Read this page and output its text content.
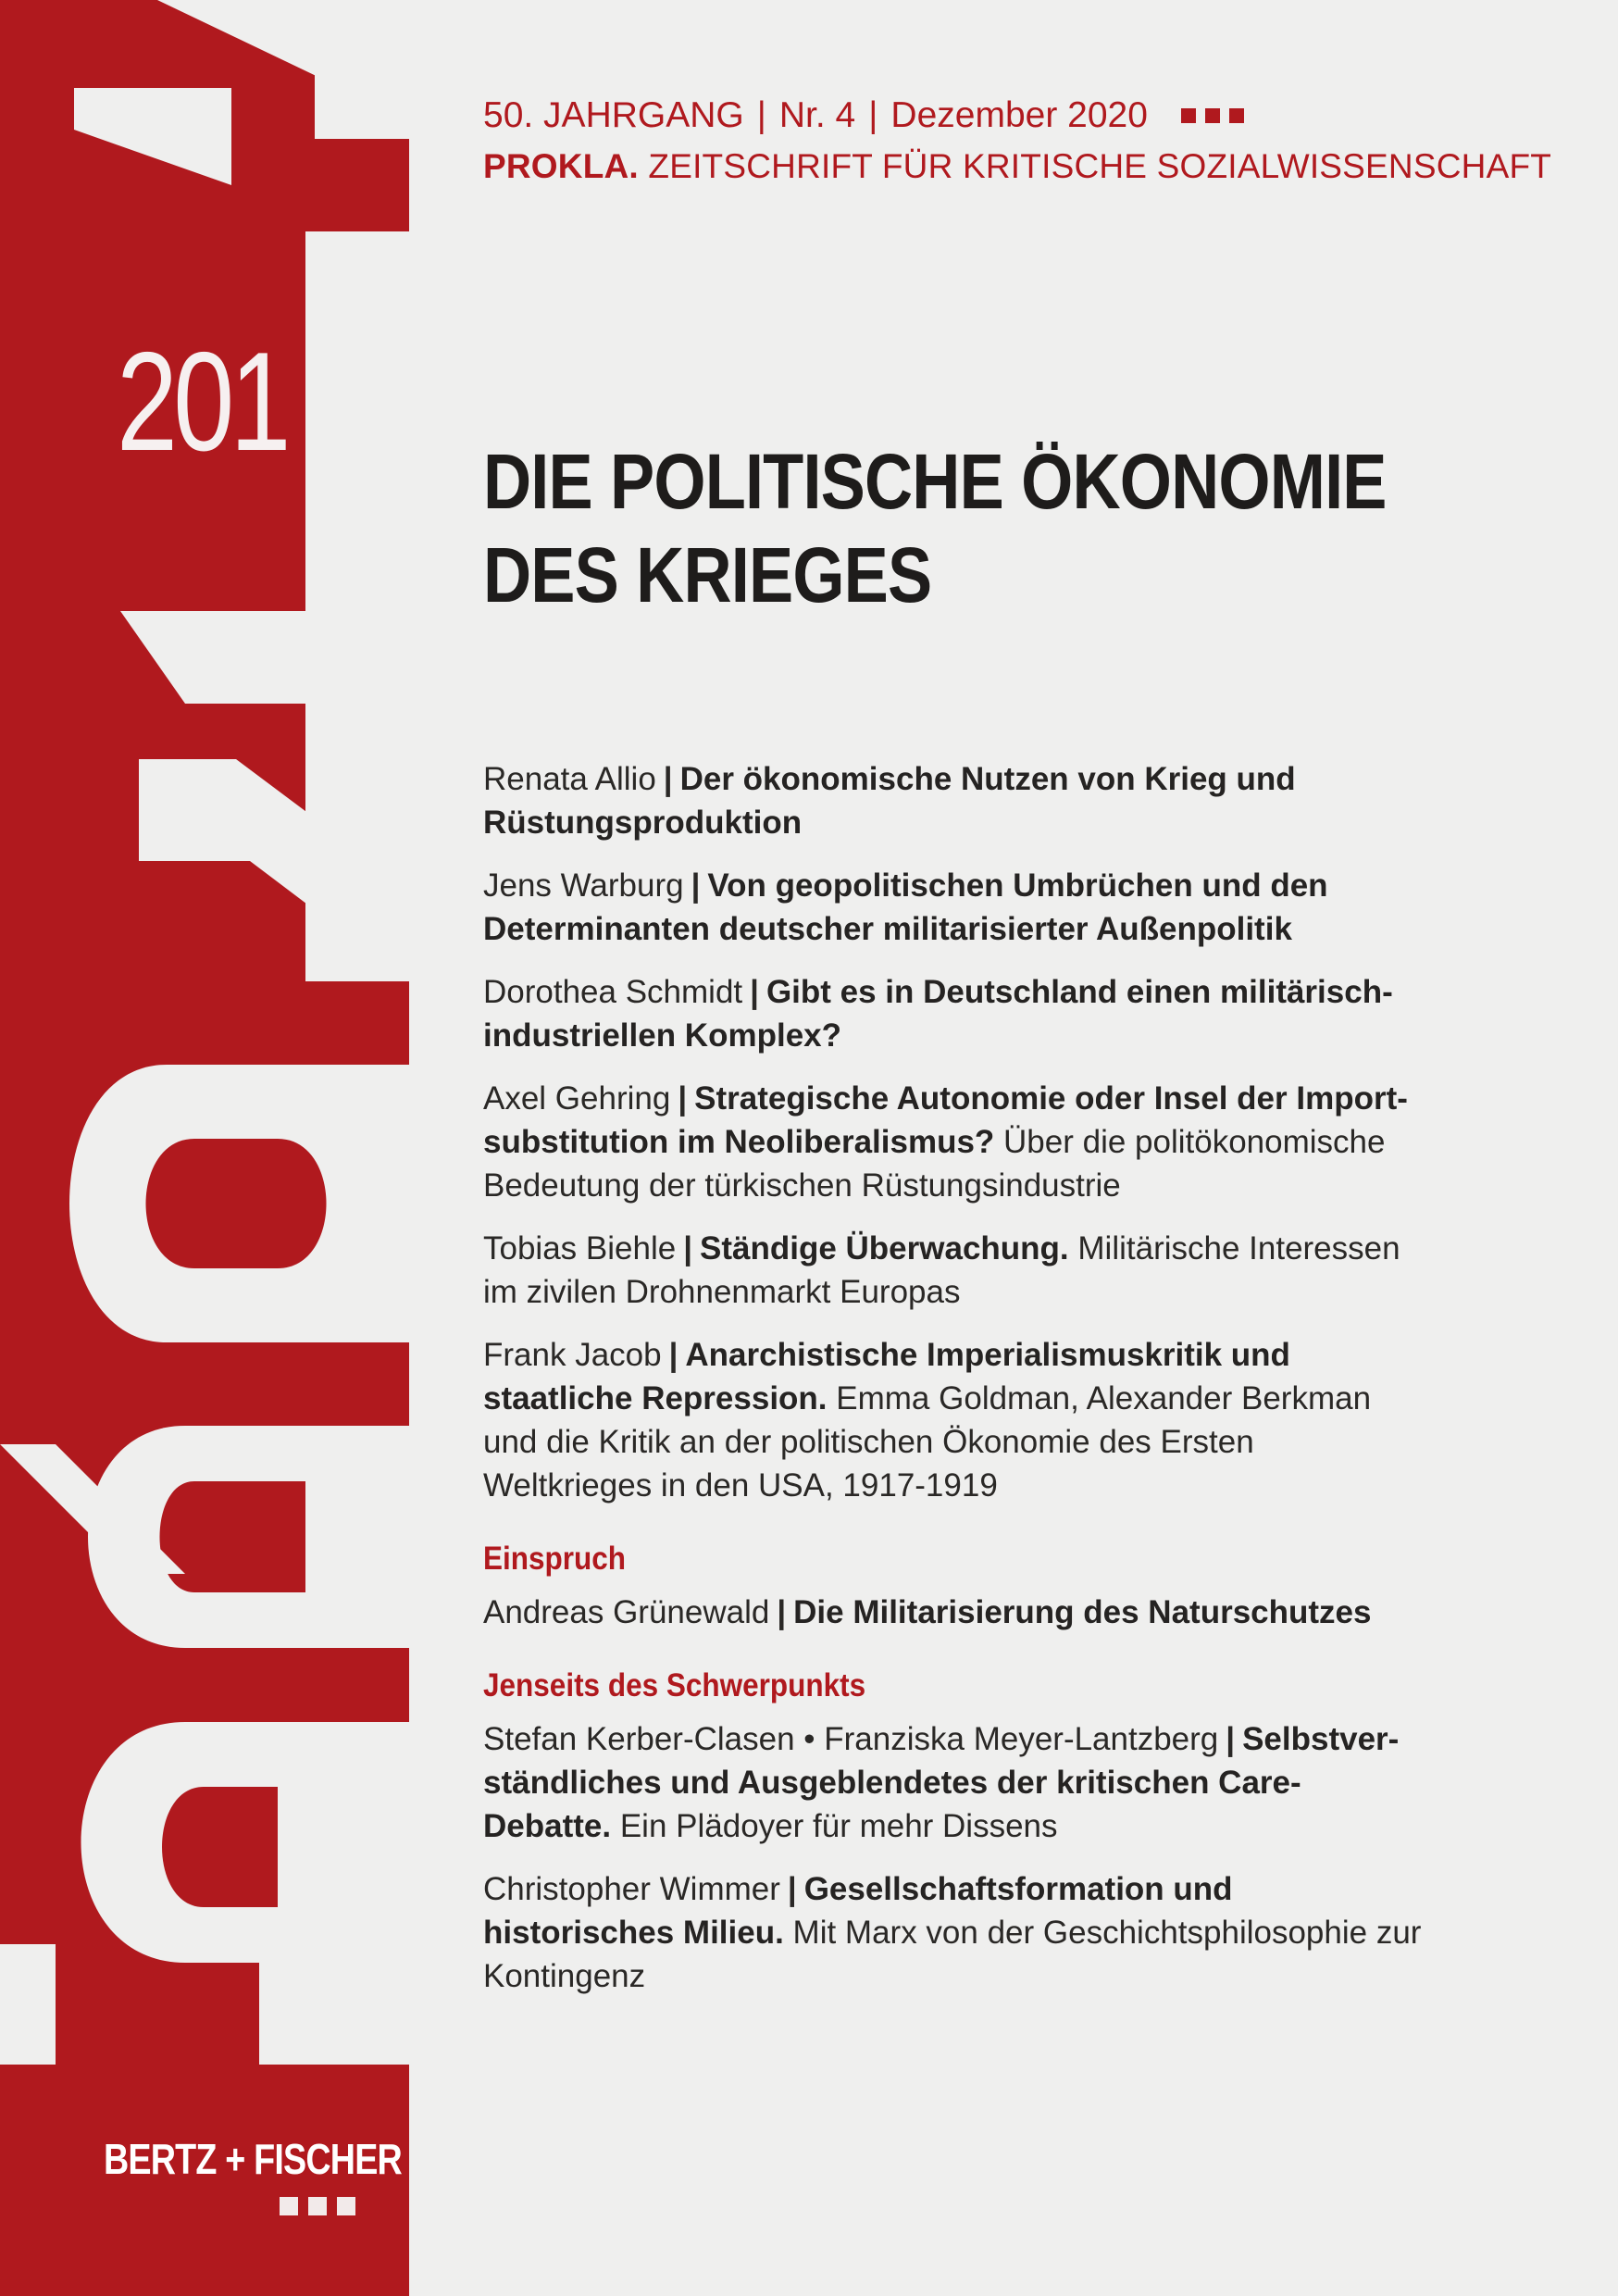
201
BERTZ + FISCHER
50. JAHRGANG | Nr. 4 | Dezember 2020
PROKLA. ZEITSCHRIFT FÜR KRITISCHE SOZIALWISSENSCHAFT
DIE POLITISCHE ÖKONOMIE
DES KRIEGES
Renata Allio | Der ökonomische Nutzen von Krieg und Rüstungsproduktion
Jens Warburg | Von geopolitischen Umbrüchen und den Determinanten deutscher militarisierter Außenpolitik
Dorothea Schmidt | Gibt es in Deutschland einen militärisch-industriellen Komplex?
Axel Gehring | Strategische Autonomie oder Insel der Importsubstitution im Neoliberalismus? Über die politökonomische Bedeutung der türkischen Rüstungsindustrie
Tobias Biehle | Ständige Überwachung. Militärische Interessen im zivilen Drohnenmarkt Europas
Frank Jacob | Anarchistische Imperialismuskritik und staatliche Repression. Emma Goldman, Alexander Berkman und die Kritik an der politischen Ökonomie des Ersten Weltkrieges in den USA, 1917-1919
Einspruch
Andreas Grünewald | Die Militarisierung des Naturschutzes
Jenseits des Schwerpunkts
Stefan Kerber-Clasen • Franziska Meyer-Lantzberg | Selbstverständliches und Ausgeblendetes der kritischen Care-Debatte. Ein Plädoyer für mehr Dissens
Christopher Wimmer | Gesellschaftsformation und historisches Milieu. Mit Marx von der Geschichtsphilosophie zur Kontingenz
